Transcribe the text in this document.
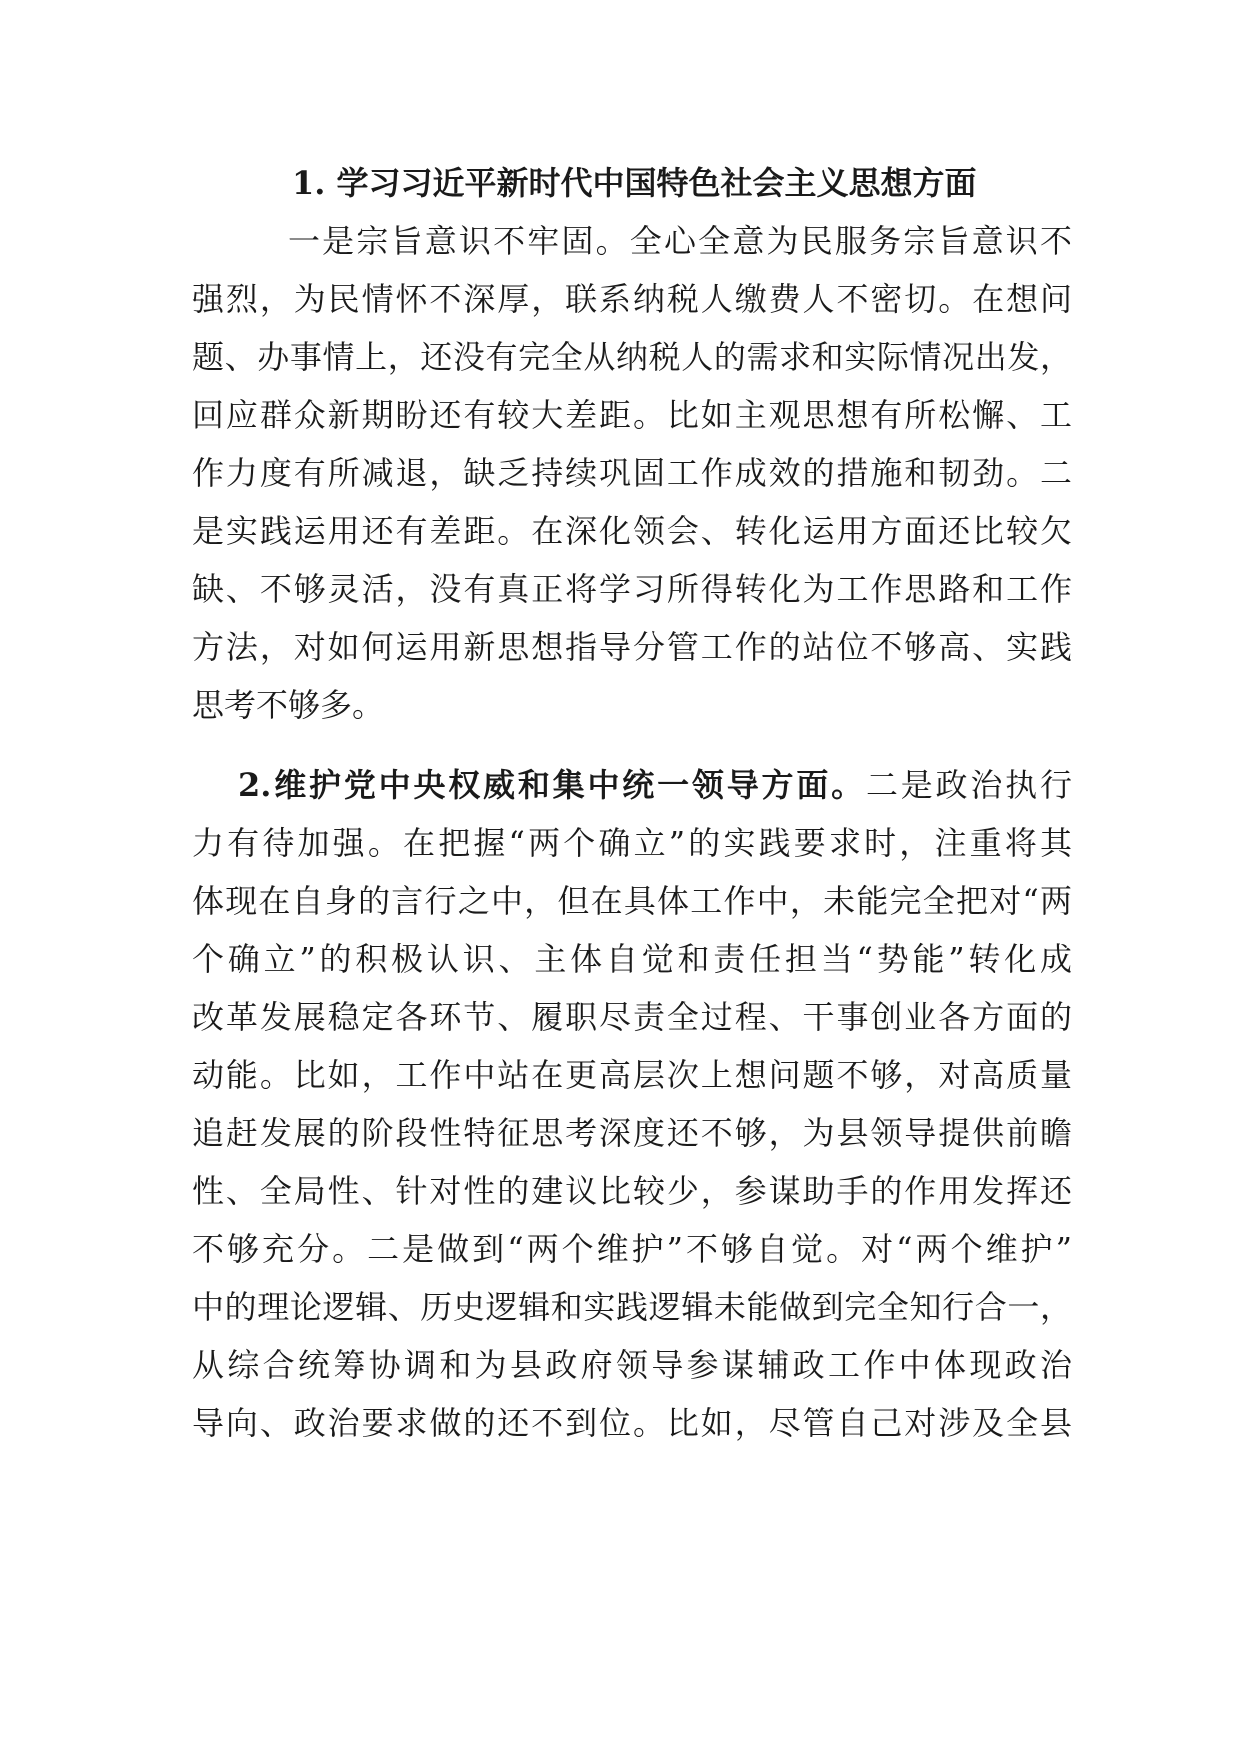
1. 学习习近平新时代中国特色社会主义思想方面
一是宗旨意识不牢固。全心全意为民服务宗旨意识不
强烈，为民情怀不深厚，联系纳税人缴费人不密切。在想问
题、办事情上，还没有完全从纳税人的需求和实际情况出发，
回应群众新期盼还有较大差距。比如主观思想有所松懈、工
作力度有所减退，缺乏持续巩固工作成效的措施和韧劲。二
是实践运用还有差距。在深化领会、转化运用方面还比较欠
缺、不够灵活，没有真正将学习所得转化为工作思路和工作
方法，对如何运用新思想指导分管工作的站位不够高、实践
思考不够多。
2.维护党中央权威和集中统一领导方面。二是政治执行
力有待加强。在把握“两个确立”的实践要求时，注重将其
体现在自身的言行之中，但在具体工作中，未能完全把对“两
个确立”的积极认识、主体自觉和责任担当“势能”转化成
改革发展稳定各环节、履职尽责全过程、干事创业各方面的
动能。比如，工作中站在更高层次上想问题不够，对高质量
追赶发展的阶段性特征思考深度还不够，为县领导提供前瞻
性、全局性、针对性的建议比较少，参谋助手的作用发挥还
不够充分。二是做到“两个维护”不够自觉。对“两个维护”
中的理论逻辑、历史逻辑和实践逻辑未能做到完全知行合一，
从综合统筹协调和为县政府领导参谋辅政工作中体现政治
导向、政治要求做的还不到位。比如，尽管自己对涉及全县
